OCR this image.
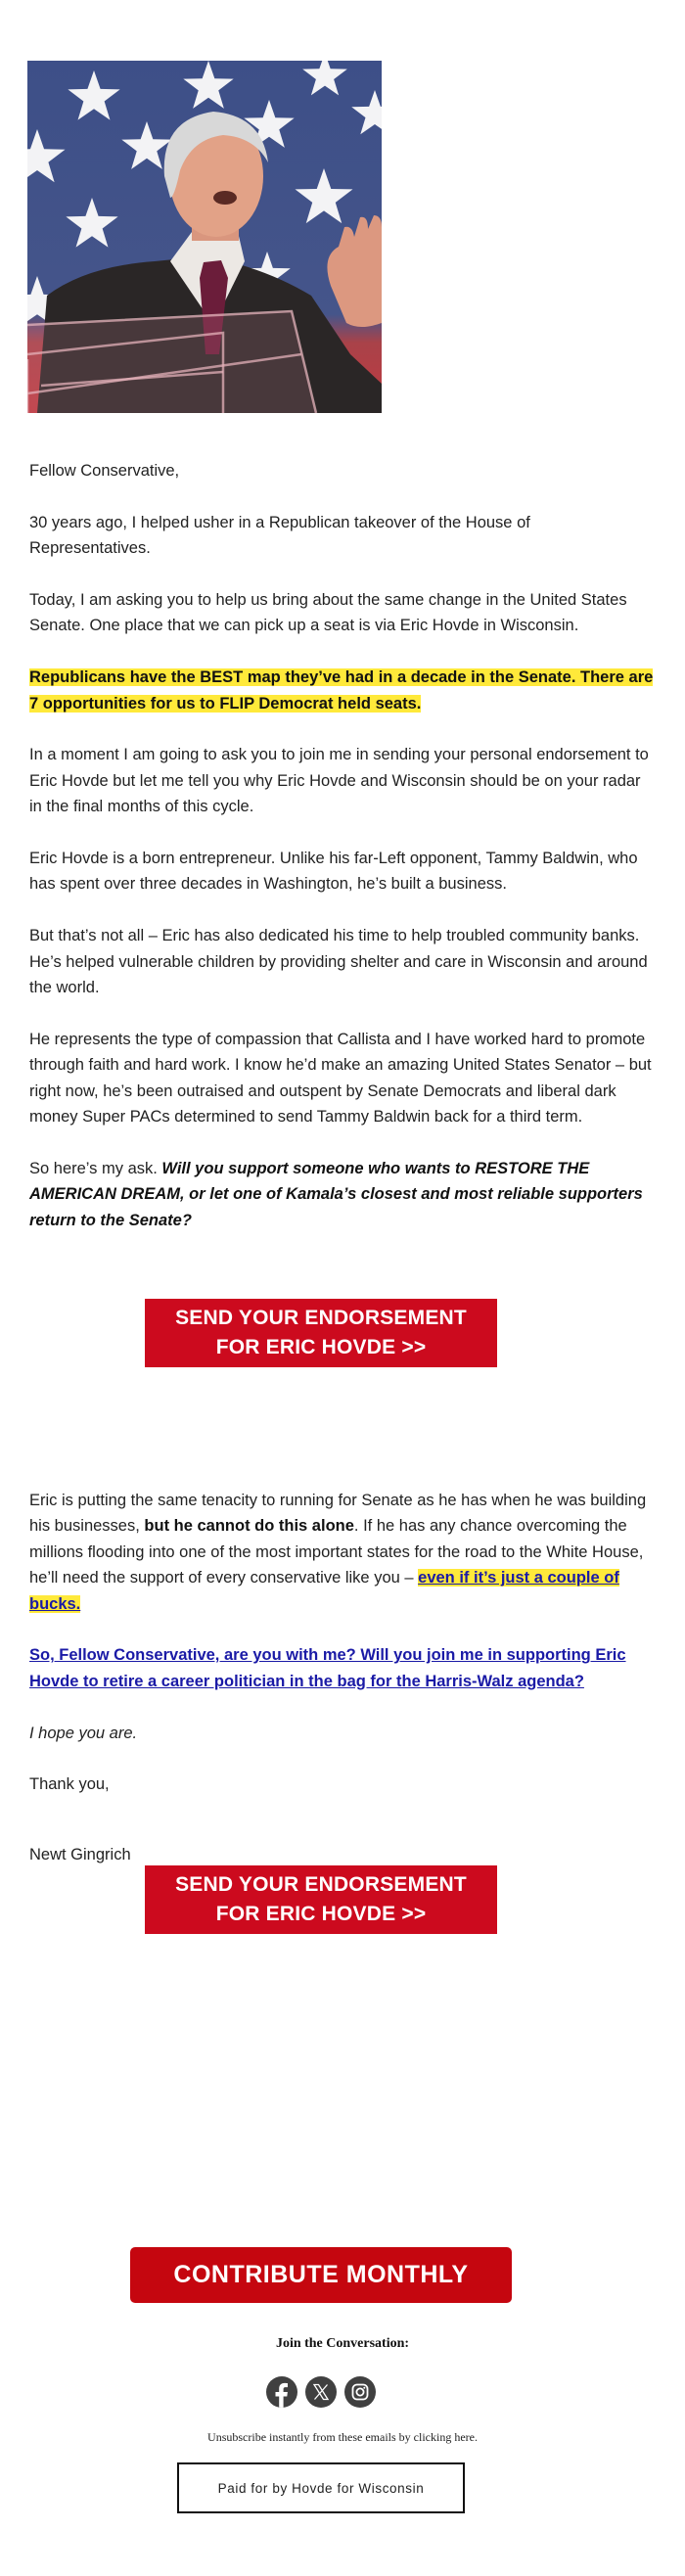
Fellow Conservative,

30 years ago, I helped usher in a Republican takeover of the House of Representatives.

Today, I am asking you to help us bring about the same change in the United States Senate. One place that we can pick up a seat is via Eric Hovde in Wisconsin.

Republicans have the BEST map they’ve had in a decade in the Senate. There are 7 opportunities for us to FLIP Democrat held seats.

In a moment I am going to ask you to join me in sending your personal endorsement to Eric Hovde but let me tell you why Eric Hovde and Wisconsin should be on your radar in the final months of this cycle.

Eric Hovde is a born entrepreneur. Unlike his far-Left opponent, Tammy Baldwin, who has spent over three decades in Washington, he’s built a business.

But that’s not all – Eric has also dedicated his time to help troubled community banks. He’s helped vulnerable children by providing shelter and care in Wisconsin and around the world.

He represents the type of compassion that Callista and I have worked hard to promote through faith and hard work. I know he’d make an amazing United States Senator – but right now, he’s been outraised and outspent by Senate Democrats and liberal dark money Super PACs determined to send Tammy Baldwin back for a third term.

So here’s my ask. Will you support someone who wants to RESTORE THE AMERICAN DREAM, or let one of Kamala’s closest and most reliable supporters return to the Senate?

SEND YOUR ENDORSEMENT
FOR ERIC HOVDE >>

Eric is putting the same tenacity to running for Senate as he has when he was building his businesses, but he cannot do this alone. If he has any chance overcoming the millions flooding into one of the most important states for the road to the White House, he’ll need the support of every conservative like you – even if it’s just a couple of bucks.

So, Fellow Conservative, are you with me? Will you join me in supporting Eric Hovde to retire a career politician in the bag for the Harris-Walz agenda?

I hope you are.

Thank you,

Newt Gingrich

SEND YOUR ENDORSEMENT
FOR ERIC HOVDE >>
CONTRIBUTE MONTHLY
Join the Conversation:
Unsubscribe instantly from these emails by clicking here.
Paid for by Hovde for Wisconsin
